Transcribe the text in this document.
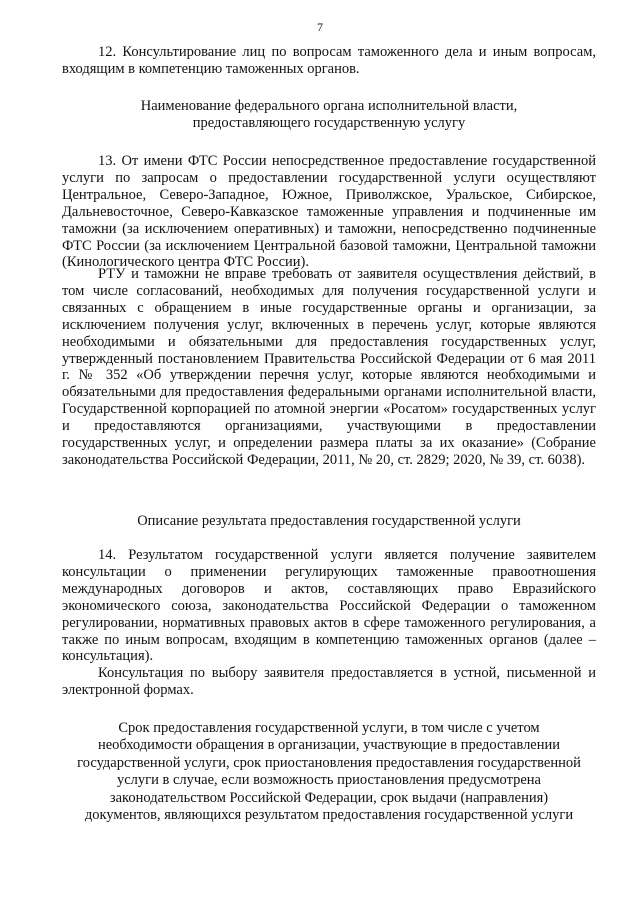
7

12. Консультирование лиц по вопросам таможенного дела и иным вопросам, входящим в компетенцию таможенных органов.

Наименование федерального органа исполнительной власти,
предоставляющего государственную услугу

13. От имени ФТС России непосредственное предоставление государственной услуги по запросам о предоставлении государственной услуги осуществляют Центральное, Северо-Западное, Южное, Приволжское, Уральское, Сибирское, Дальневосточное, Северо-Кавказское таможенные управления и подчиненные им таможни (за исключением оперативных) и таможни, непосредственно подчиненные ФТС России (за исключением Центральной базовой таможни, Центральной таможни (Кинологического центра ФТС России).

РТУ и таможни не вправе требовать от заявителя осуществления действий, в том числе согласований, необходимых для получения государственной услуги и связанных с обращением в иные государственные органы и организации, за исключением получения услуг, включенных в перечень услуг, которые являются необходимыми и обязательными для предоставления государственных услуг, утвержденный постановлением Правительства Российской Федерации от 6 мая 2011 г. № 352 «Об утверждении перечня услуг, которые являются необходимыми и обязательными для предоставления федеральными органами исполнительной власти, Государственной корпорацией по атомной энергии «Росатом» государственных услуг и предоставляются организациями, участвующими в предоставлении государственных услуг, и определении размера платы за их оказание» (Собрание законодательства Российской Федерации, 2011, № 20, ст. 2829; 2020, № 39, ст. 6038).

Описание результата предоставления государственной услуги

14. Результатом государственной услуги является получение заявителем консультации о применении регулирующих таможенные правоотношения международных договоров и актов, составляющих право Евразийского экономического союза, законодательства Российской Федерации о таможенном регулировании, нормативных правовых актов в сфере таможенного регулирования, а также по иным вопросам, входящим в компетенцию таможенных органов (далее – консультация).

Консультация по выбору заявителя предоставляется в устной, письменной и электронной формах.

Срок предоставления государственной услуги, в том числе с учетом
необходимости обращения в организации, участвующие в предоставлении
государственной услуги, срок приостановления предоставления государственной
услуги в случае, если возможность приостановления предусмотрена
законодательством Российской Федерации, срок выдачи (направления)
документов, являющихся результатом предоставления государственной услуги
